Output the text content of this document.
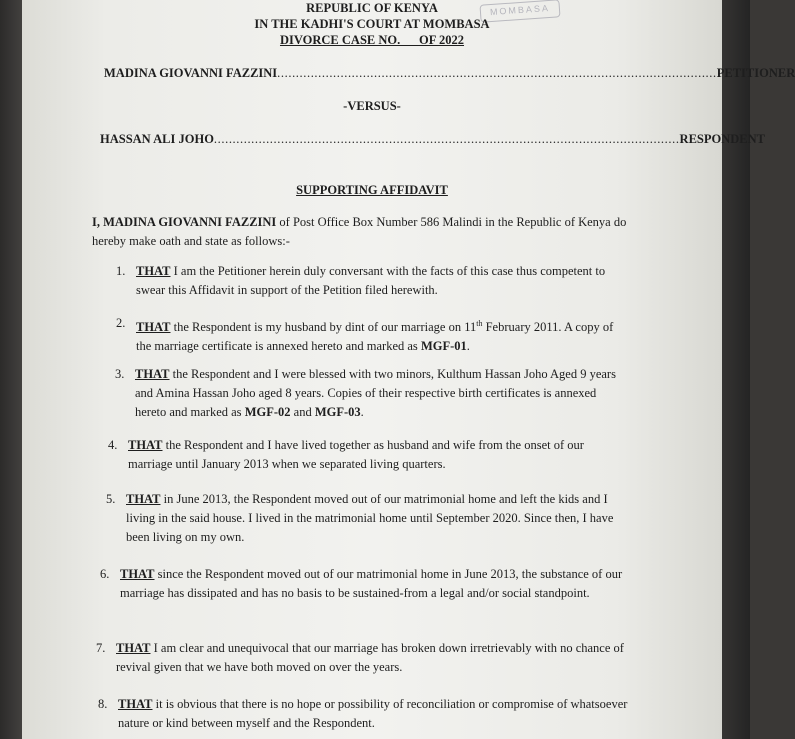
MOMBASA
REPUBLIC OF KENYA
IN THE KADHI'S COURT AT MOMBASA
DIVORCE CASE NO.      OF 2022
MADINA GIOVANNI FAZZINI ...................................................................................................................... PETITIONER
-VERSUS-
HASSAN ALI JOHO ............................................................................................................................. RESPONDENT
SUPPORTING AFFIDAVIT
I, MADINA GIOVANNI FAZZINI of Post Office Box Number 586 Malindi in the Republic of Kenya do hereby make oath and state as follows:-
1. THAT I am the Petitioner herein duly conversant with the facts of this case thus competent to swear this Affidavit in support of the Petition filed herewith.
2. THAT the Respondent is my husband by dint of our marriage on 11th February 2011. A copy of the marriage certificate is annexed hereto and marked as MGF-01.
3. THAT the Respondent and I were blessed with two minors, Kulthum Hassan Joho Aged 9 years and Amina Hassan Joho aged 8 years. Copies of their respective birth certificates is annexed hereto and marked as MGF-02 and MGF-03.
4. THAT the Respondent and I have lived together as husband and wife from the onset of our marriage until January 2013 when we separated living quarters.
5. THAT in June 2013, the Respondent moved out of our matrimonial home and left the kids and I living in the said house. I lived in the matrimonial home until September 2020. Since then, I have been living on my own.
6. THAT since the Respondent moved out of our matrimonial home in June 2013, the substance of our marriage has dissipated and has no basis to be sustained-from a legal and/or social standpoint.
7. THAT I am clear and unequivocal that our marriage has broken down irretrievably with no chance of revival given that we have both moved on over the years.
8. THAT it is obvious that there is no hope or possibility of reconciliation or compromise of whatsoever nature or kind between myself and the Respondent.
